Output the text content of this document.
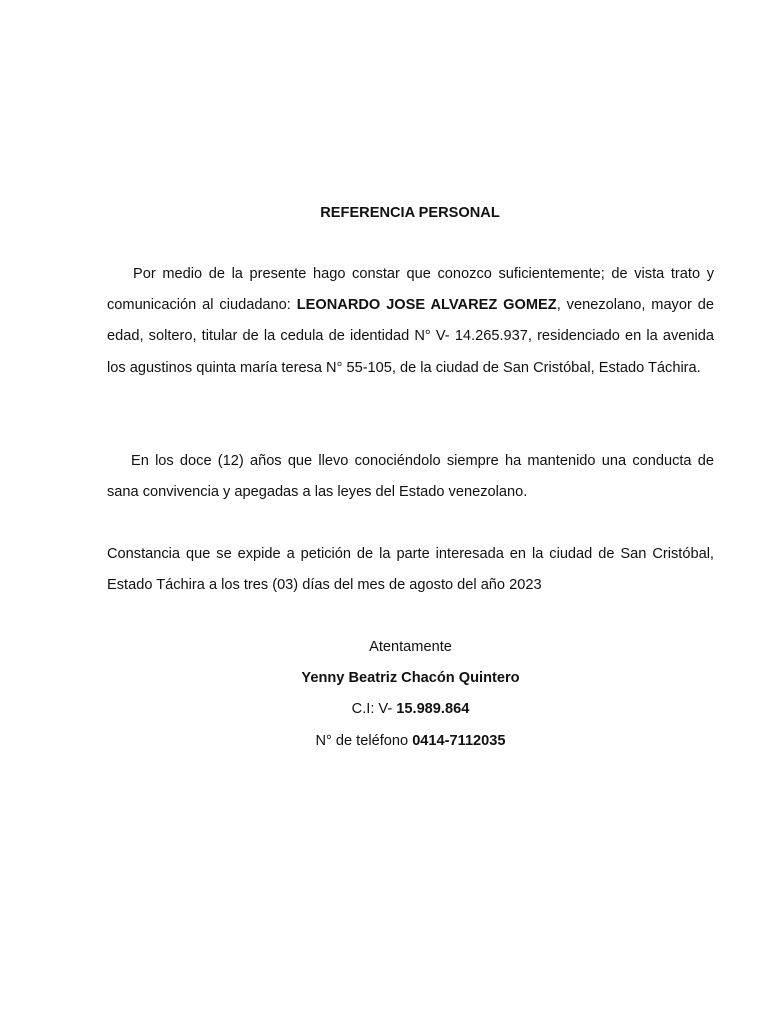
REFERENCIA PERSONAL
Por medio de la presente hago constar que conozco suficientemente; de vista trato y comunicación al ciudadano: LEONARDO JOSE ALVAREZ GOMEZ, venezolano, mayor de edad, soltero, titular de la cedula de identidad N° V- 14.265.937, residenciado en la avenida los agustinos quinta maría teresa N° 55-105, de la ciudad de San Cristóbal, Estado Táchira.
En los doce (12) años que llevo conociéndolo siempre ha mantenido una conducta de sana convivencia y apegadas a las leyes del Estado venezolano.
Constancia que se expide a petición de la parte interesada en la ciudad de San Cristóbal, Estado Táchira a los tres (03) días del mes de agosto del año 2023
Atentamente
Yenny Beatriz Chacón Quintero
C.I: V- 15.989.864
N° de teléfono 0414-7112035
